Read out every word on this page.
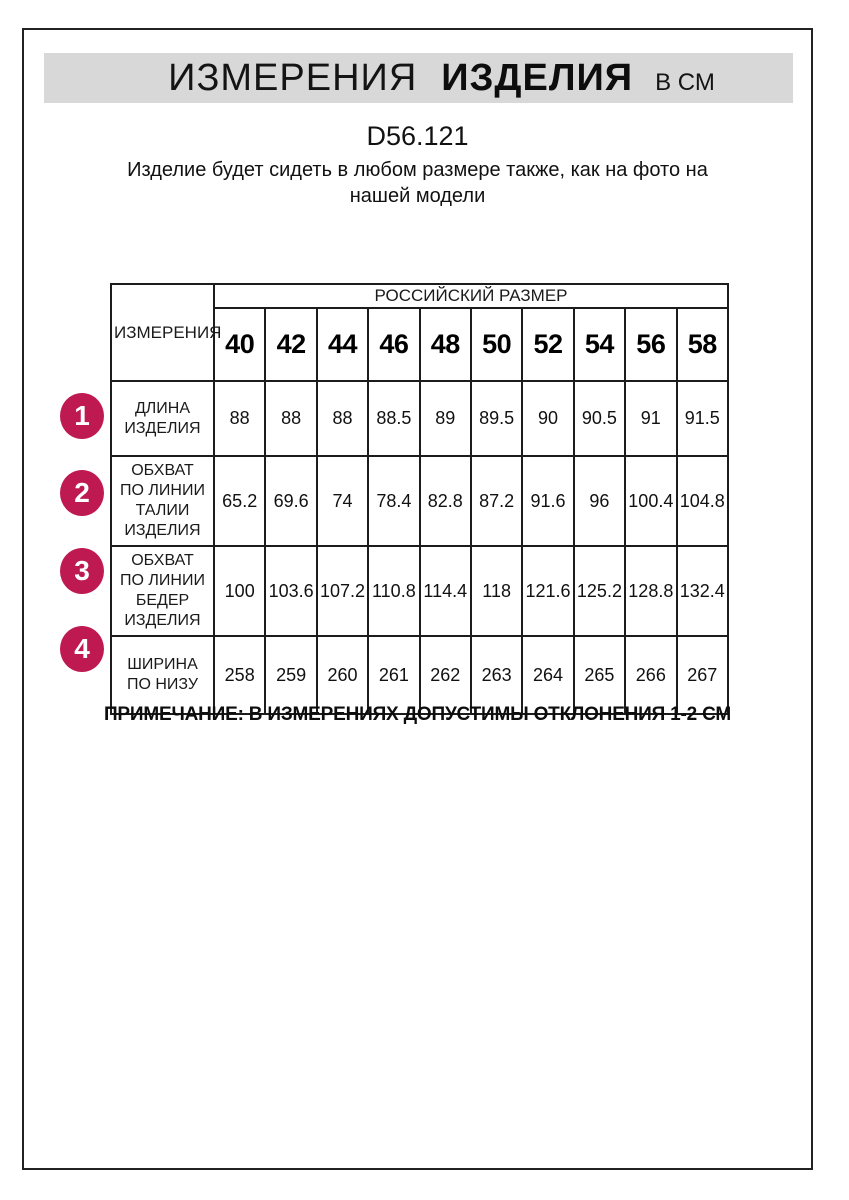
ИЗМЕРЕНИЯ ИЗДЕЛИЯ В СМ
D56.121

Изделие будет сидеть в любом размере также, как на фото на нашей модели

ИЗМЕРЕНИЯ	РОССИЙСКИЙ РАЗМЕР									
	40	42	44	46	48	50	52	54	56	58
ДЛИНА ИЗДЕЛИЯ	88	88	88	88.5	89	89.5	90	90.5	91	91.5
ОБХВАТ ПО ЛИНИИ ТАЛИИ ИЗДЕЛИЯ	65.2	69.6	74	78.4	82.8	87.2	91.6	96	100.4	104.8
ОБХВАТ ПО ЛИНИИ БЕДЕР ИЗДЕЛИЯ	100	103.6	107.2	110.8	114.4	118	121.6	125.2	128.8	132.4
ШИРИНА ПО НИЗУ	258	259	260	261	262	263	264	265	266	267
1
2
3
4
ПРИМЕЧАНИЕ: В ИЗМЕРЕНИЯХ ДОПУСТИМЫ ОТКЛОНЕНИЯ 1-2 СМ
